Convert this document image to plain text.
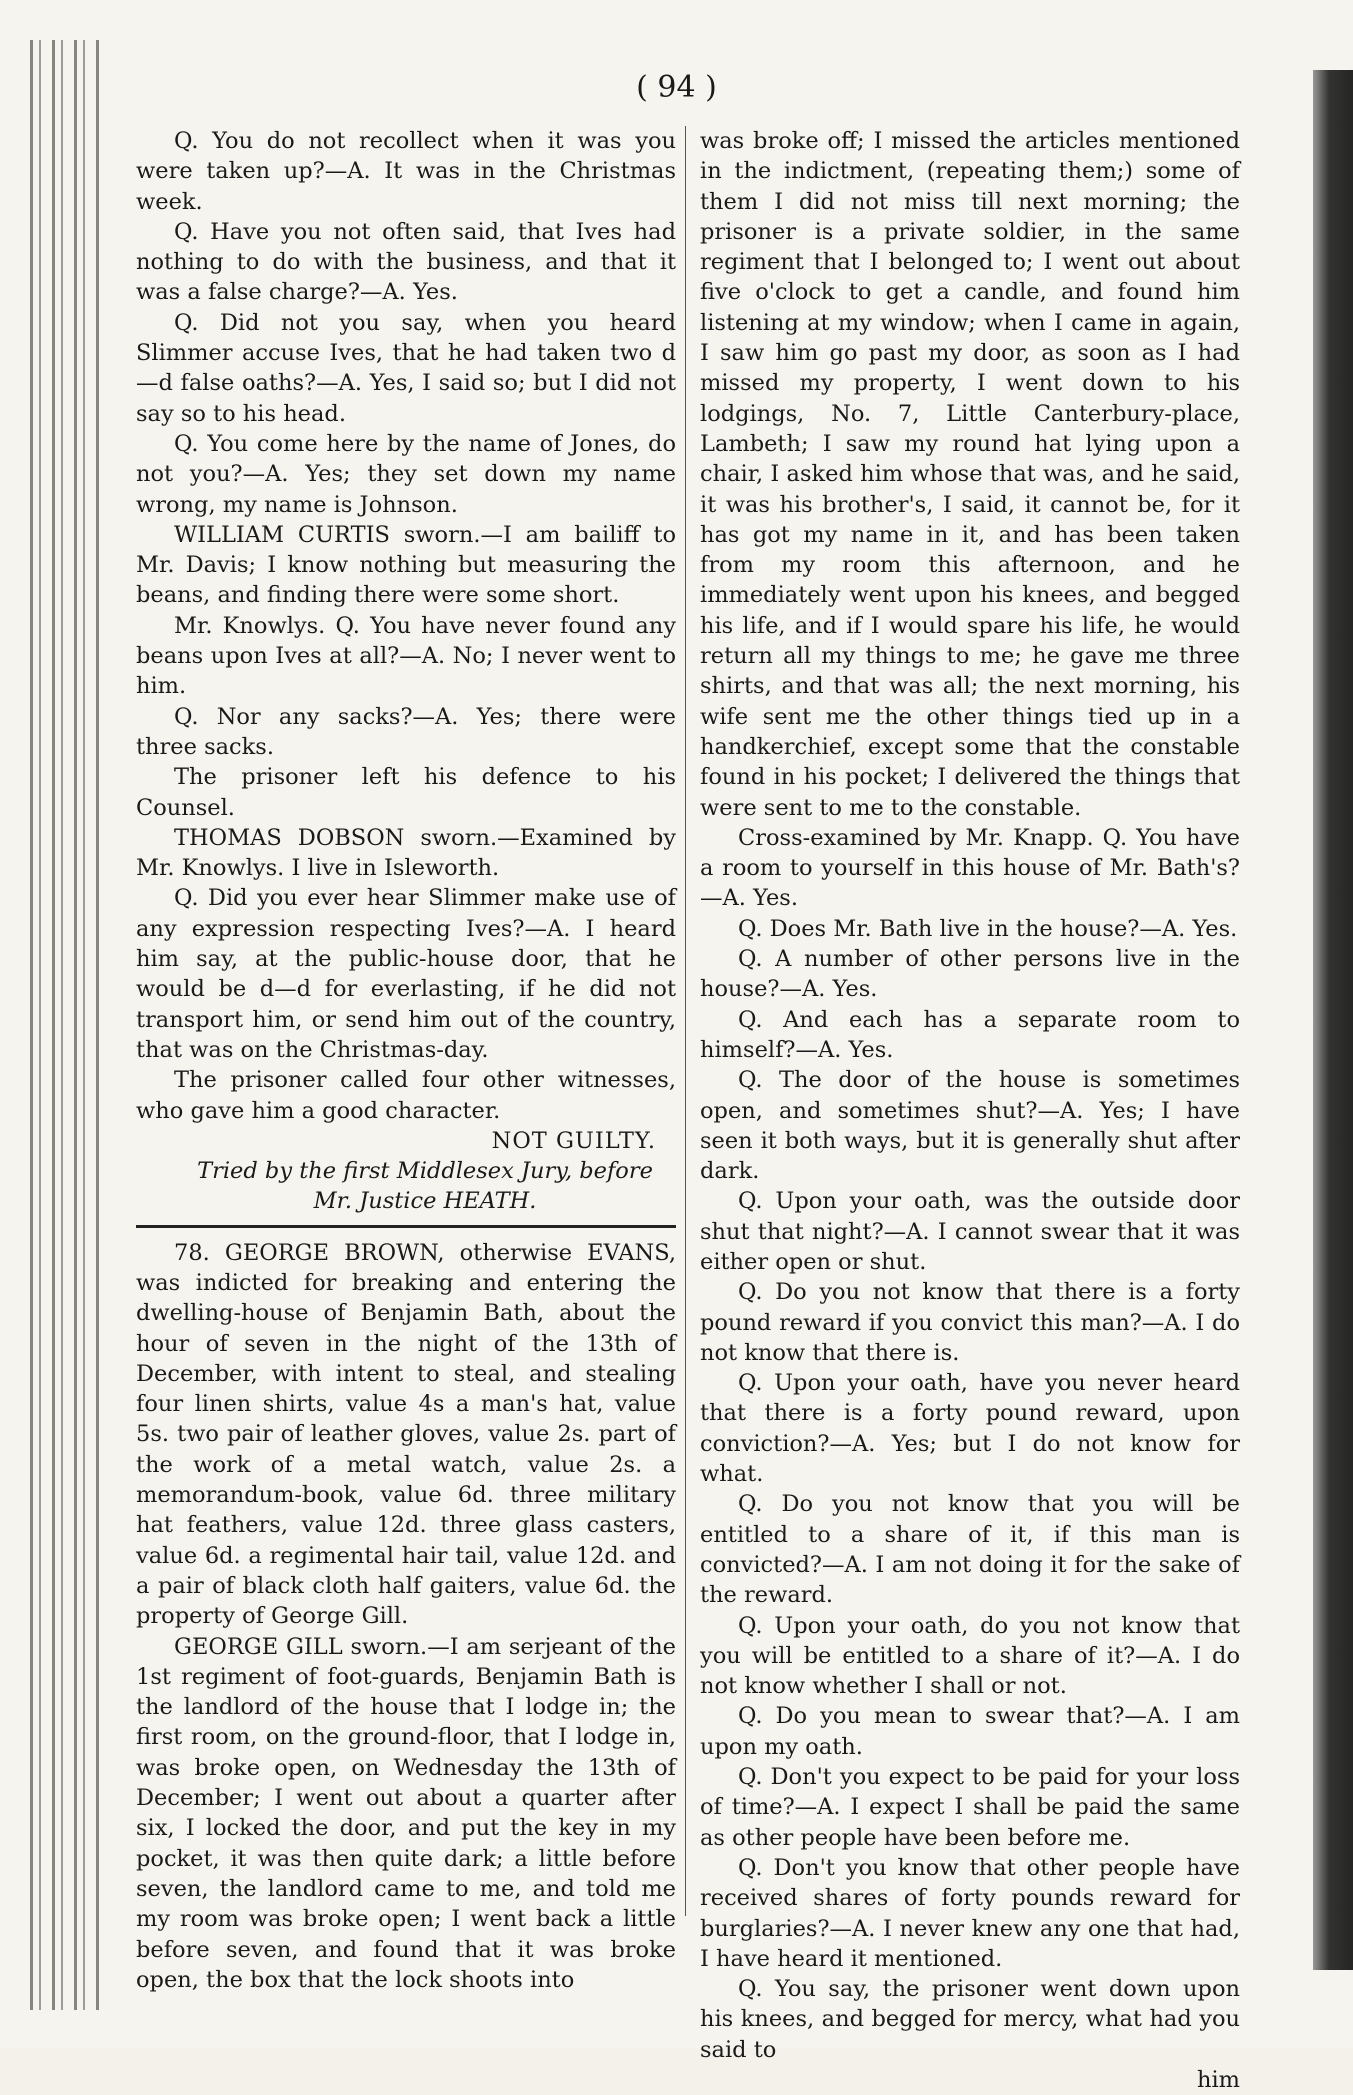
( 94 )

Q. You do not recollect when it was you were taken up?—A. It was in the Christmas week.

Q. Have you not often said, that Ives had nothing to do with the business, and that it was a false charge?—A. Yes.

Q. Did not you say, when you heard Slimmer accuse Ives, that he had taken two d—d false oaths?—A. Yes, I said so; but I did not say so to his head.

Q. You come here by the name of Jones, do not you?—A. Yes; they set down my name wrong, my name is Johnson.

WILLIAM CURTIS sworn.—I am bailiff to Mr. Davis; I know nothing but measuring the beans, and finding there were some short.

Mr. Knowlys. Q. You have never found any beans upon Ives at all?—A. No; I never went to him.

Q. Nor any sacks?—A. Yes; there were three sacks.

The prisoner left his defence to his Counsel.

THOMAS DOBSON sworn.—Examined by Mr. Knowlys. I live in Isleworth.

Q. Did you ever hear Slimmer make use of any expression respecting Ives?—A. I heard him say, at the public-house door, that he would be d—d for everlasting, if he did not transport him, or send him out of the country, that was on the Christmas-day.

The prisoner called four other witnesses, who gave him a good character.

NOT GUILTY.

Tried by the first Middlesex Jury, before

Mr. Justice HEATH.

78. GEORGE BROWN, otherwise EVANS, was indicted for breaking and entering the dwelling-house of Benjamin Bath, about the hour of seven in the night of the 13th of December, with intent to steal, and stealing four linen shirts, value 4s a man's hat, value 5s. two pair of leather gloves, value 2s. part of the work of a metal watch, value 2s. a memorandum-book, value 6d. three military hat feathers, value 12d. three glass casters, value 6d. a regimental hair tail, value 12d. and a pair of black cloth half gaiters, value 6d. the property of George Gill.

GEORGE GILL sworn.—I am serjeant of the 1st regiment of foot-guards, Benjamin Bath is the landlord of the house that I lodge in; the first room, on the ground-floor, that I lodge in, was broke open, on Wednesday the 13th of December; I went out about a quarter after six, I locked the door, and put the key in my pocket, it was then quite dark; a little before seven, the landlord came to me, and told me my room was broke open; I went back a little before seven, and found that it was broke open, the box that the lock shoots into

was broke off; I missed the articles mentioned in the indictment, (repeating them;) some of them I did not miss till next morning; the prisoner is a private soldier, in the same regiment that I belonged to; I went out about five o'clock to get a candle, and found him listening at my window; when I came in again, I saw him go past my door, as soon as I had missed my property, I went down to his lodgings, No. 7, Little Canterbury-place, Lambeth; I saw my round hat lying upon a chair, I asked him whose that was, and he said, it was his brother's, I said, it cannot be, for it has got my name in it, and has been taken from my room this afternoon, and he immediately went upon his knees, and begged his life, and if I would spare his life, he would return all my things to me; he gave me three shirts, and that was all; the next morning, his wife sent me the other things tied up in a handkerchief, except some that the constable found in his pocket; I delivered the things that were sent to me to the constable.

Cross-examined by Mr. Knapp. Q. You have a room to yourself in this house of Mr. Bath's?—A. Yes.

Q. Does Mr. Bath live in the house?—A. Yes.

Q. A number of other persons live in the house?—A. Yes.

Q. And each has a separate room to himself?—A. Yes.

Q. The door of the house is sometimes open, and sometimes shut?—A. Yes; I have seen it both ways, but it is generally shut after dark.

Q. Upon your oath, was the outside door shut that night?—A. I cannot swear that it was either open or shut.

Q. Do you not know that there is a forty pound reward if you convict this man?—A. I do not know that there is.

Q. Upon your oath, have you never heard that there is a forty pound reward, upon conviction?—A. Yes; but I do not know for what.

Q. Do you not know that you will be entitled to a share of it, if this man is convicted?—A. I am not doing it for the sake of the reward.

Q. Upon your oath, do you not know that you will be entitled to a share of it?—A. I do not know whether I shall or not.

Q. Do you mean to swear that?—A. I am upon my oath.

Q. Don't you expect to be paid for your loss of time?—A. I expect I shall be paid the same as other people have been before me.

Q. Don't you know that other people have received shares of forty pounds reward for burglaries?—A. I never knew any one that had, I have heard it mentioned.

Q. You say, the prisoner went down upon his knees, and begged for mercy, what had you said to

him
